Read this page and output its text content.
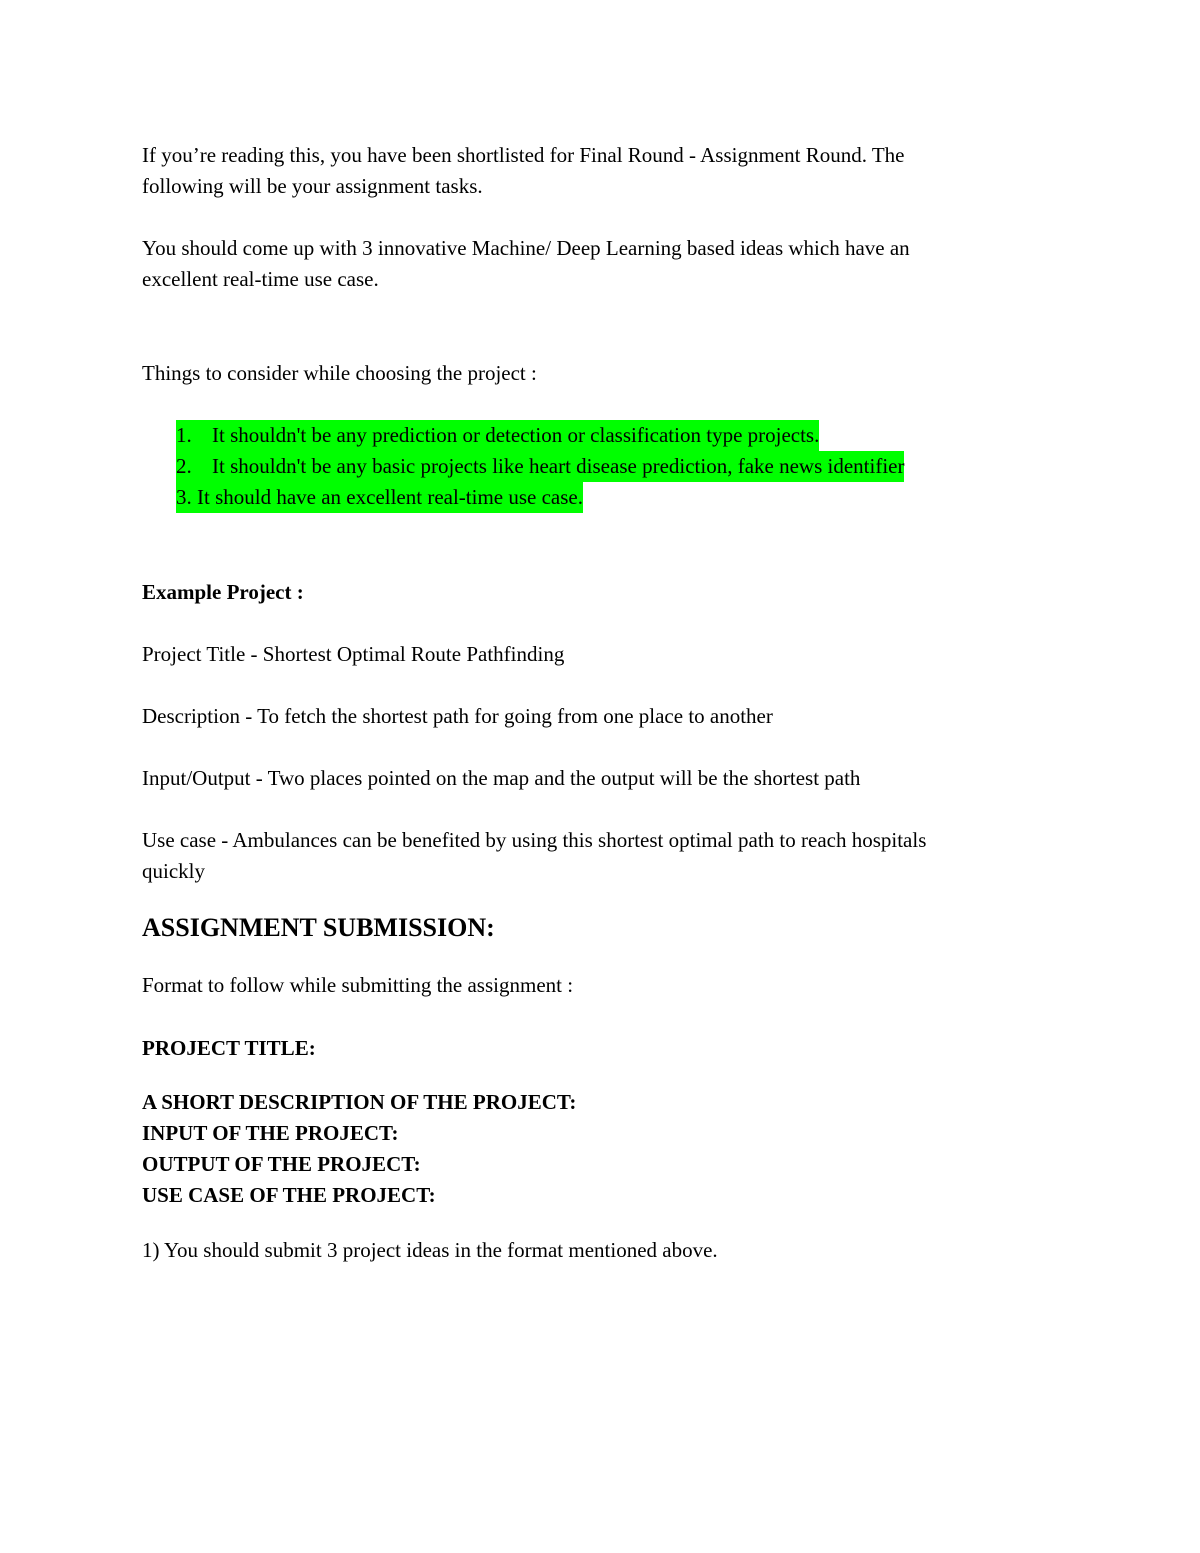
If you’re reading this, you have been shortlisted for Final Round - Assignment Round. The

following will be your assignment tasks.

You should come up with 3 innovative Machine/ Deep Learning based ideas which have an

excellent real-time use case.

Things to consider while choosing the project :

1. It shouldn't be any prediction or detection or classification type projects.
2. It shouldn't be any basic projects like heart disease prediction, fake news identifier
3. It should have an excellent real-time use case.

Example Project :

Project Title - Shortest Optimal Route Pathfinding

Description - To fetch the shortest path for going from one place to another

Input/Output - Two places pointed on the map and the output will be the shortest path

Use case - Ambulances can be benefited by using this shortest optimal path to reach hospitals

quickly

ASSIGNMENT SUBMISSION:

Format to follow while submitting the assignment :

PROJECT TITLE:

A SHORT DESCRIPTION OF THE PROJECT:

INPUT OF THE PROJECT:

OUTPUT OF THE PROJECT:

USE CASE OF THE PROJECT:

1) You should submit 3 project ideas in the format mentioned above.
